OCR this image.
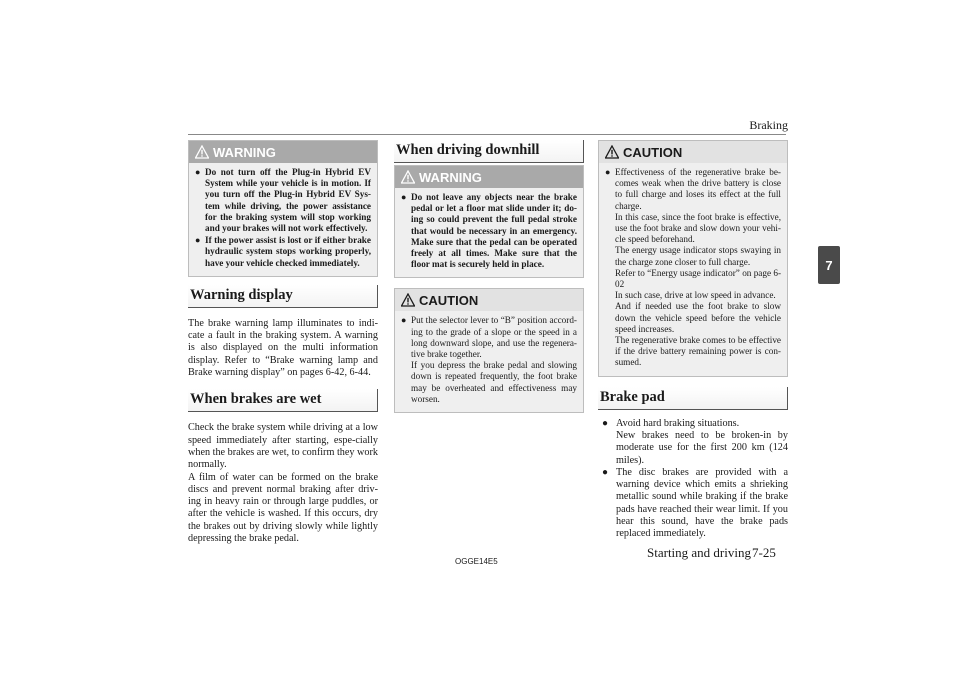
Braking
7
WARNING
● Do not turn off the Plug-in Hybrid EV System while your vehicle is in motion. If you turn off the Plug-in Hybrid EV Sys-tem while driving, the power assistance for the braking system will stop working and your brakes will not work effectively.
● If the power assist is lost or if either brake hydraulic system stops working properly, have your vehicle checked immediately.
Warning display

The brake warning lamp illuminates to indi-cate a fault in the braking system. A warning is also displayed on the multi information display. Refer to “Brake warning lamp and Brake warning display” on pages 6-42, 6-44.

When brakes are wet

Check the brake system while driving at a low speed immediately after starting, espe-cially when the brakes are wet, to confirm they work normally.

A film of water can be formed on the brake discs and prevent normal braking after driv-ing in heavy rain or through large puddles, or after the vehicle is washed. If this occurs, dry the brakes out by driving slowly while lightly depressing the brake pedal.

When driving downhill
WARNING
● Do not leave any objects near the brake pedal or let a floor mat slide under it; do-ing so could prevent the full pedal stroke that would be necessary in an emergency. Make sure that the pedal can be operated freely at all times. Make sure that the floor mat is securely held in place.
CAUTION
● Put the selector lever to “B” position accord-ing to the grade of a slope or the speed in a long downward slope, and use the regenera-tive brake together.
If you depress the brake pedal and slowing down is repeated frequently, the foot brake may be overheated and effectiveness may worsen.
CAUTION
● Effectiveness of the regenerative brake be-comes weak when the drive battery is close to full charge and loses its effect at the full charge.
In this case, since the foot brake is effective, use the foot brake and slow down your vehi-cle speed beforehand.
The energy usage indicator stops swaying in the charge zone closer to full charge.
Refer to “Energy usage indicator” on page 6-02
In such case, drive at low speed in advance.
And if needed use the foot brake to slow down the vehicle speed before the vehicle speed increases.
The regenerative brake comes to be effective if the drive battery remaining power is con-sumed.
Brake pad
● Avoid hard braking situations.
New brakes need to be broken-in by moderate use for the first 200 km (124 miles).
● The disc brakes are provided with a warning device which emits a shrieking metallic sound while braking if the brake pads have reached their wear limit. If you hear this sound, have the brake pads replaced immediately.
OGGE14E5
Starting and driving 7-25
